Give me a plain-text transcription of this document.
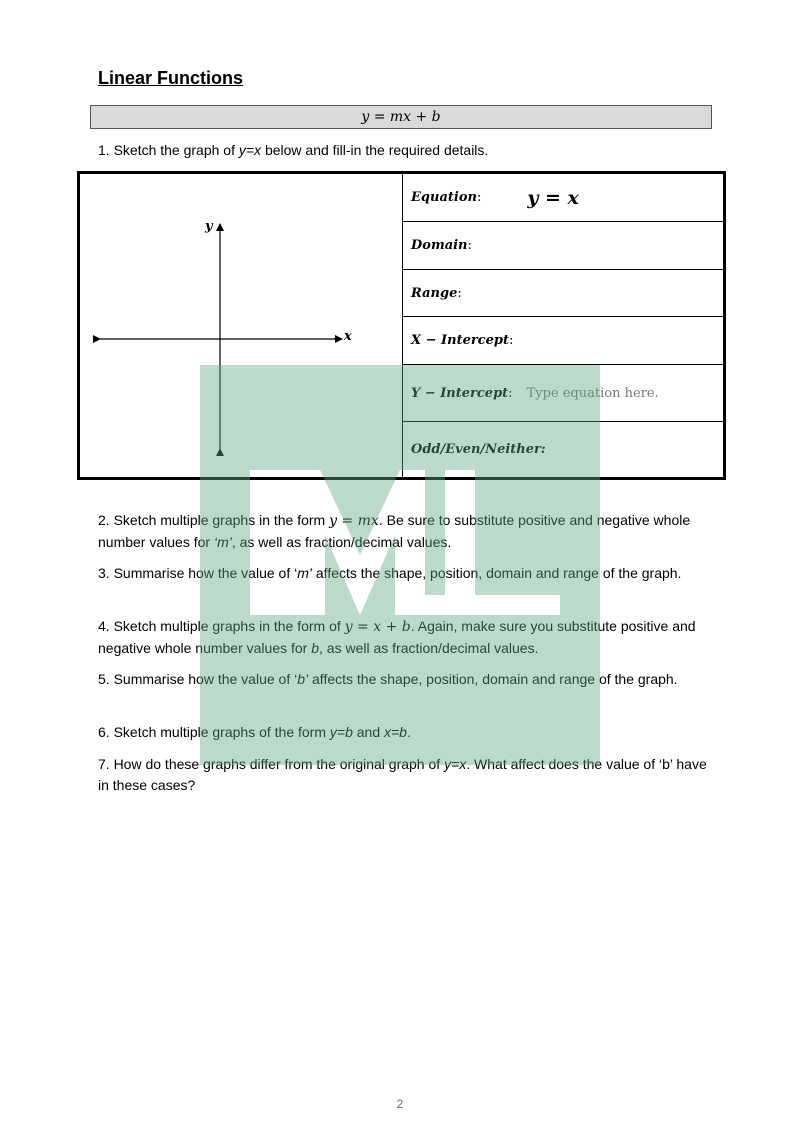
Linear Functions
y = mx + b

1. Sketch the graph of y=x below and fill-in the required details.

y
x
Equation : y = x
Domain :
Range :
X − Intercept :
Y − Intercept : Type equation here.
Odd/Even/Neither:

2. Sketch multiple graphs in the form y = mx. Be sure to substitute positive and negative whole number values for ‘m’, as well as fraction/decimal values.

3. Summarise how the value of ‘m’ affects the shape, position, domain and range of the graph.

4. Sketch multiple graphs in the form of y = x + b. Again, make sure you substitute positive and negative whole number values for b, as well as fraction/decimal values.

5. Summarise how the value of ‘b’ affects the shape, position, domain and range of the graph.

6. Sketch multiple graphs of the form y=b and x=b.

7. How do these graphs differ from the original graph of y=x. What affect does the value of ‘b’ have in these cases?

2
